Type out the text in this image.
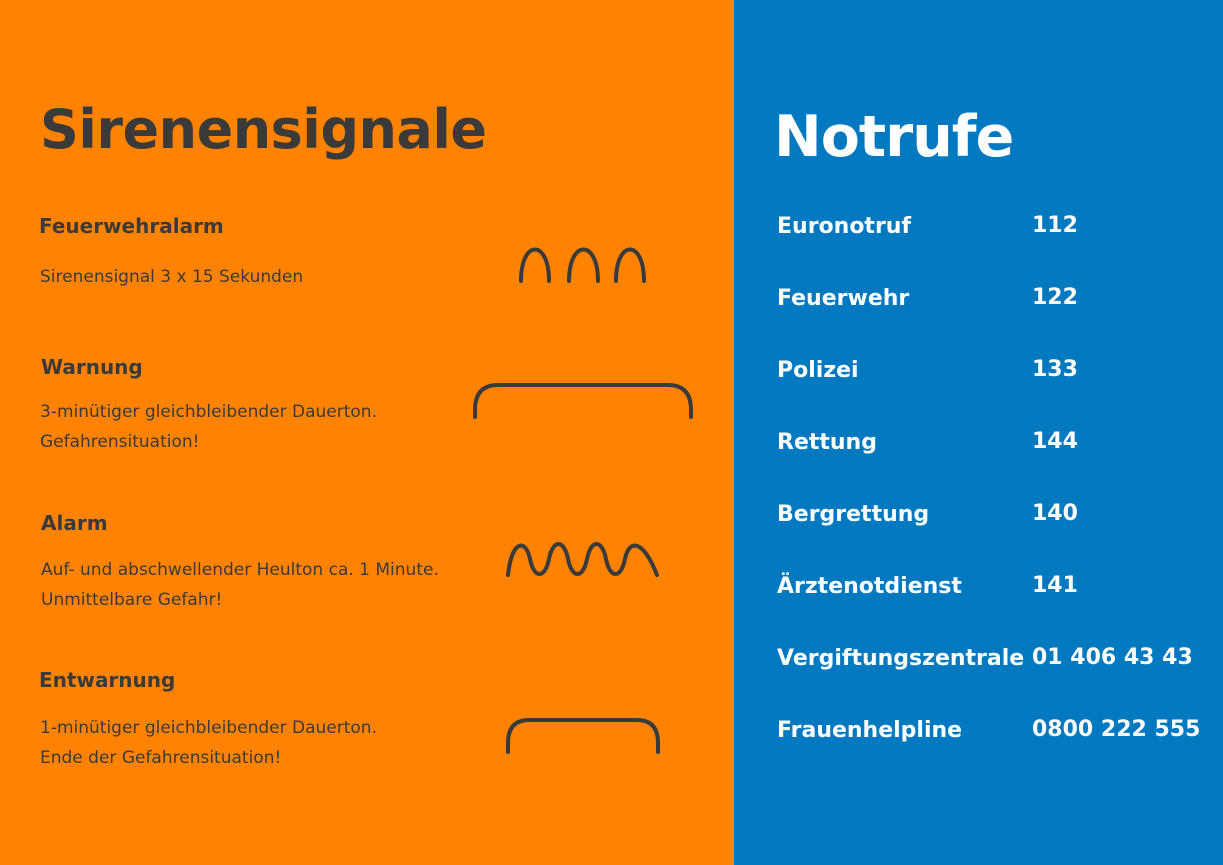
Sirenensignale
Feuerwehralarm
Sirenensignal 3 x 15 Sekunden
Warnung
3-minütiger gleichbleibender Dauerton.
Gefahrensituation!
Alarm
Auf- und abschwellender Heulton ca. 1 Minute.
Unmittelbare Gefahr!
Entwarnung
1-minütiger gleichbleibender Dauerton.
Ende der Gefahrensituation!
Notrufe
Euronotruf	112
Feuerwehr	122
Polizei	133
Rettung	144
Bergrettung	140
Ärztenotdienst	141
Vergiftungszentrale 01 406 43 43
Frauenhelpline	0800 222 555
